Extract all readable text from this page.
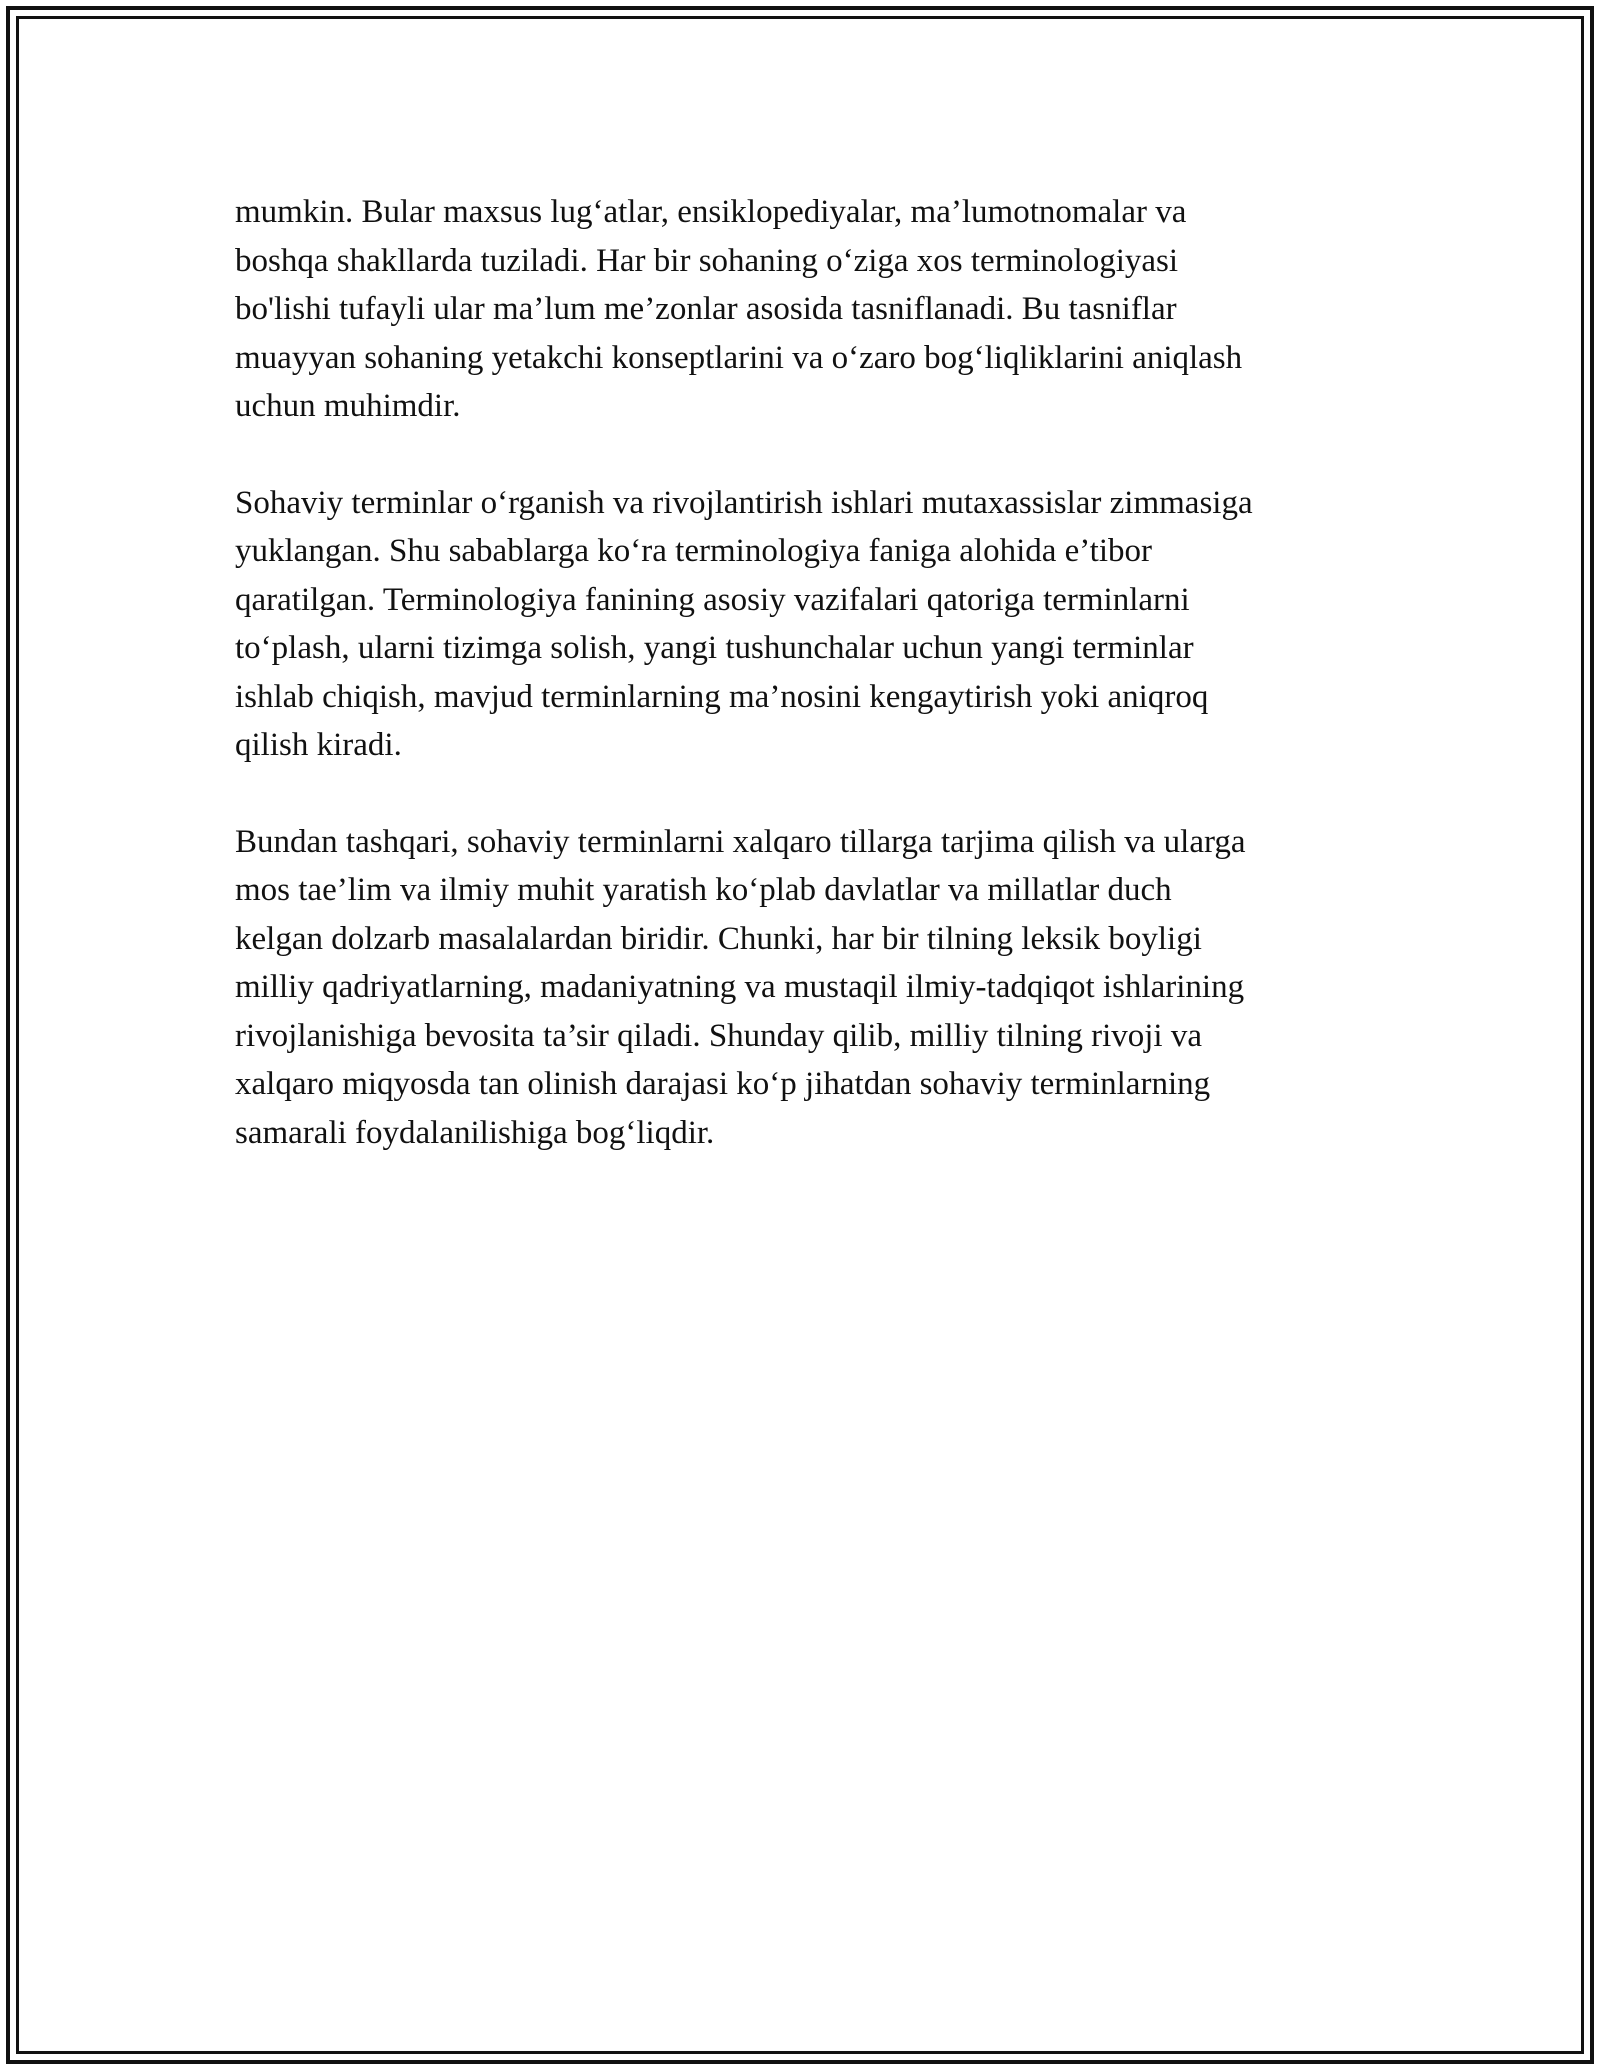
mumkin. Bular maxsus lug‘atlar, ensiklopediyalar, ma’lumotnomalar va
boshqa shakllarda tuziladi. Har bir sohaning o‘ziga xos terminologiyasi
bo'lishi tufayli ular ma’lum me’zonlar asosida tasniflanadi. Bu tasniflar
muayyan sohaning yetakchi konseptlarini va o‘zaro bog‘liqliklarini aniqlash
uchun muhimdir.

Sohaviy terminlar o‘rganish va rivojlantirish ishlari mutaxassislar zimmasiga
yuklangan. Shu sabablarga ko‘ra terminologiya faniga alohida e’tibor
qaratilgan. Terminologiya fanining asosiy vazifalari qatoriga terminlarni
to‘plash, ularni tizimga solish, yangi tushunchalar uchun yangi terminlar
ishlab chiqish, mavjud terminlarning ma’nosini kengaytirish yoki aniqroq
qilish kiradi.

Bundan tashqari, sohaviy terminlarni xalqaro tillarga tarjima qilish va ularga
mos tae’lim va ilmiy muhit yaratish ko‘plab davlatlar va millatlar duch
kelgan dolzarb masalalardan biridir. Chunki, har bir tilning leksik boyligi
milliy qadriyatlarning, madaniyatning va mustaqil ilmiy-tadqiqot ishlarining
rivojlanishiga bevosita ta’sir qiladi. Shunday qilib, milliy tilning rivoji va
xalqaro miqyosda tan olinish darajasi ko‘p jihatdan sohaviy terminlarning
samarali foydalanilishiga bog‘liqdir.
